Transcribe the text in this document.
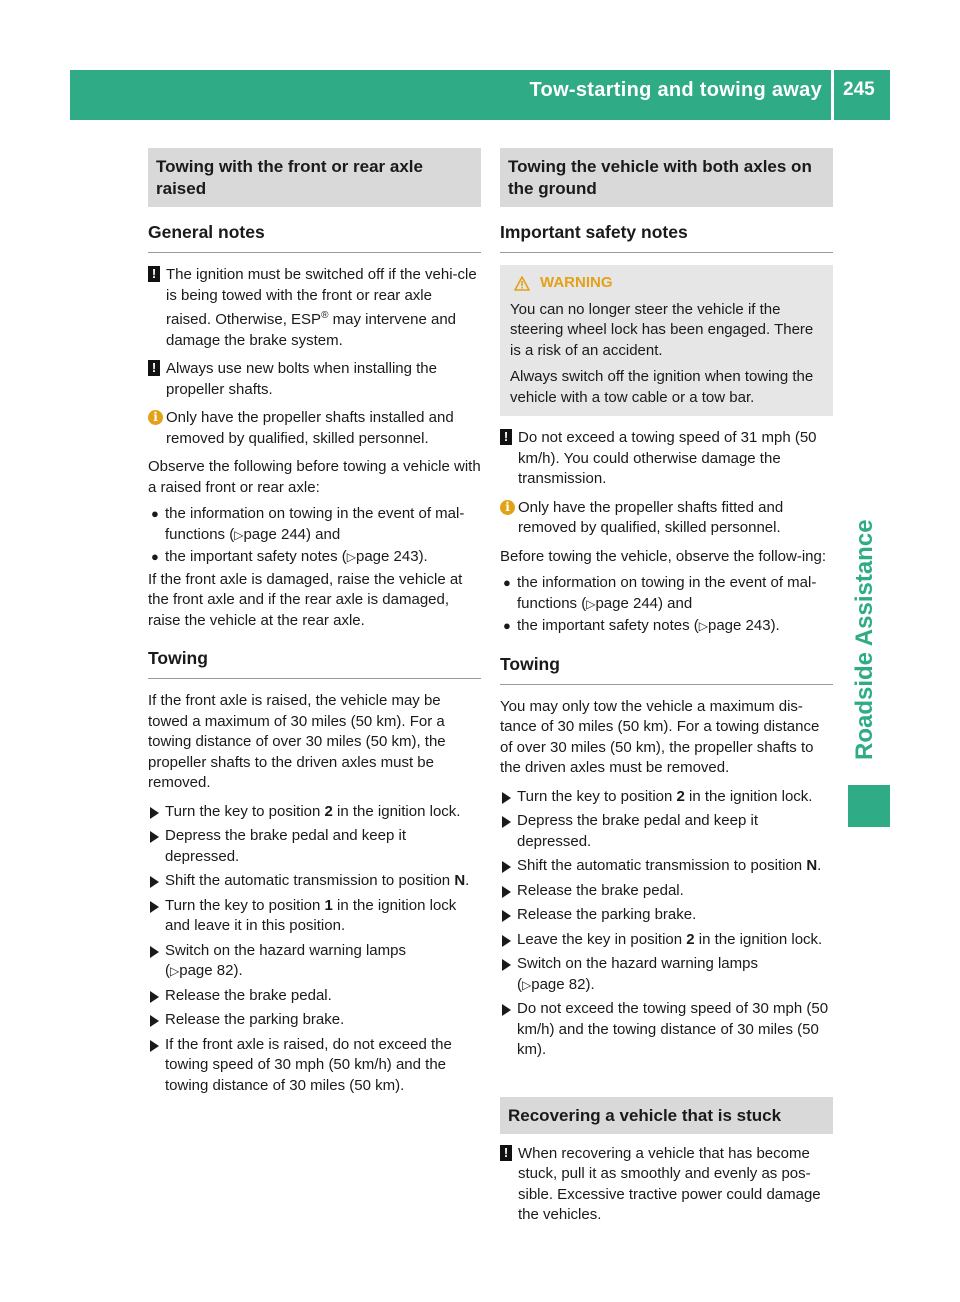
Tow-starting and towing away 245
Roadside Assistance
Towing with the front or rear axle raised
General notes
! The ignition must be switched off if the vehi-cle is being towed with the front or rear axle raised. Otherwise, ESP® may intervene and damage the brake system.
! Always use new bolts when installing the propeller shafts.
i Only have the propeller shafts installed and removed by qualified, skilled personnel.
Observe the following before towing a vehicle with a raised front or rear axle:
● the information on towing in the event of mal-functions (▷page 244) and
● the important safety notes (▷page 243).
If the front axle is damaged, raise the vehicle at the front axle and if the rear axle is damaged, raise the vehicle at the rear axle.
Towing
If the front axle is raised, the vehicle may be towed a maximum of 30 miles (50 km). For a towing distance of over 30 miles (50 km), the propeller shafts to the driven axles must be removed.
Turn the key to position 2 in the ignition lock.
Depress the brake pedal and keep it depressed.
Shift the automatic transmission to position N.
Turn the key to position 1 in the ignition lock and leave it in this position.
Switch on the hazard warning lamps
(▷page 82).
Release the brake pedal.
Release the parking brake.
If the front axle is raised, do not exceed the towing speed of 30 mph (50 km/h) and the towing distance of 30 miles (50 km).
Towing the vehicle with both axles on the ground
Important safety notes
WARNING
You can no longer steer the vehicle if the steering wheel lock has been engaged. There is a risk of an accident.
Always switch off the ignition when towing the vehicle with a tow cable or a tow bar.
! Do not exceed a towing speed of 31 mph (50 km/h). You could otherwise damage the transmission.
i Only have the propeller shafts fitted and removed by qualified, skilled personnel.
Before towing the vehicle, observe the follow-ing:
● the information on towing in the event of mal-functions (▷page 244) and
● the important safety notes (▷page 243).
Towing
You may only tow the vehicle a maximum dis-tance of 30 miles (50 km). For a towing distance of over 30 miles (50 km), the propeller shafts to the driven axles must be removed.
Turn the key to position 2 in the ignition lock.
Depress the brake pedal and keep it depressed.
Shift the automatic transmission to position N.
Release the brake pedal.
Release the parking brake.
Leave the key in position 2 in the ignition lock.
Switch on the hazard warning lamps
(▷page 82).
Do not exceed the towing speed of 30 mph (50 km/h) and the towing distance of 30 miles (50 km).
Recovering a vehicle that is stuck
! When recovering a vehicle that has become stuck, pull it as smoothly and evenly as pos-sible. Excessive tractive power could damage the vehicles.
